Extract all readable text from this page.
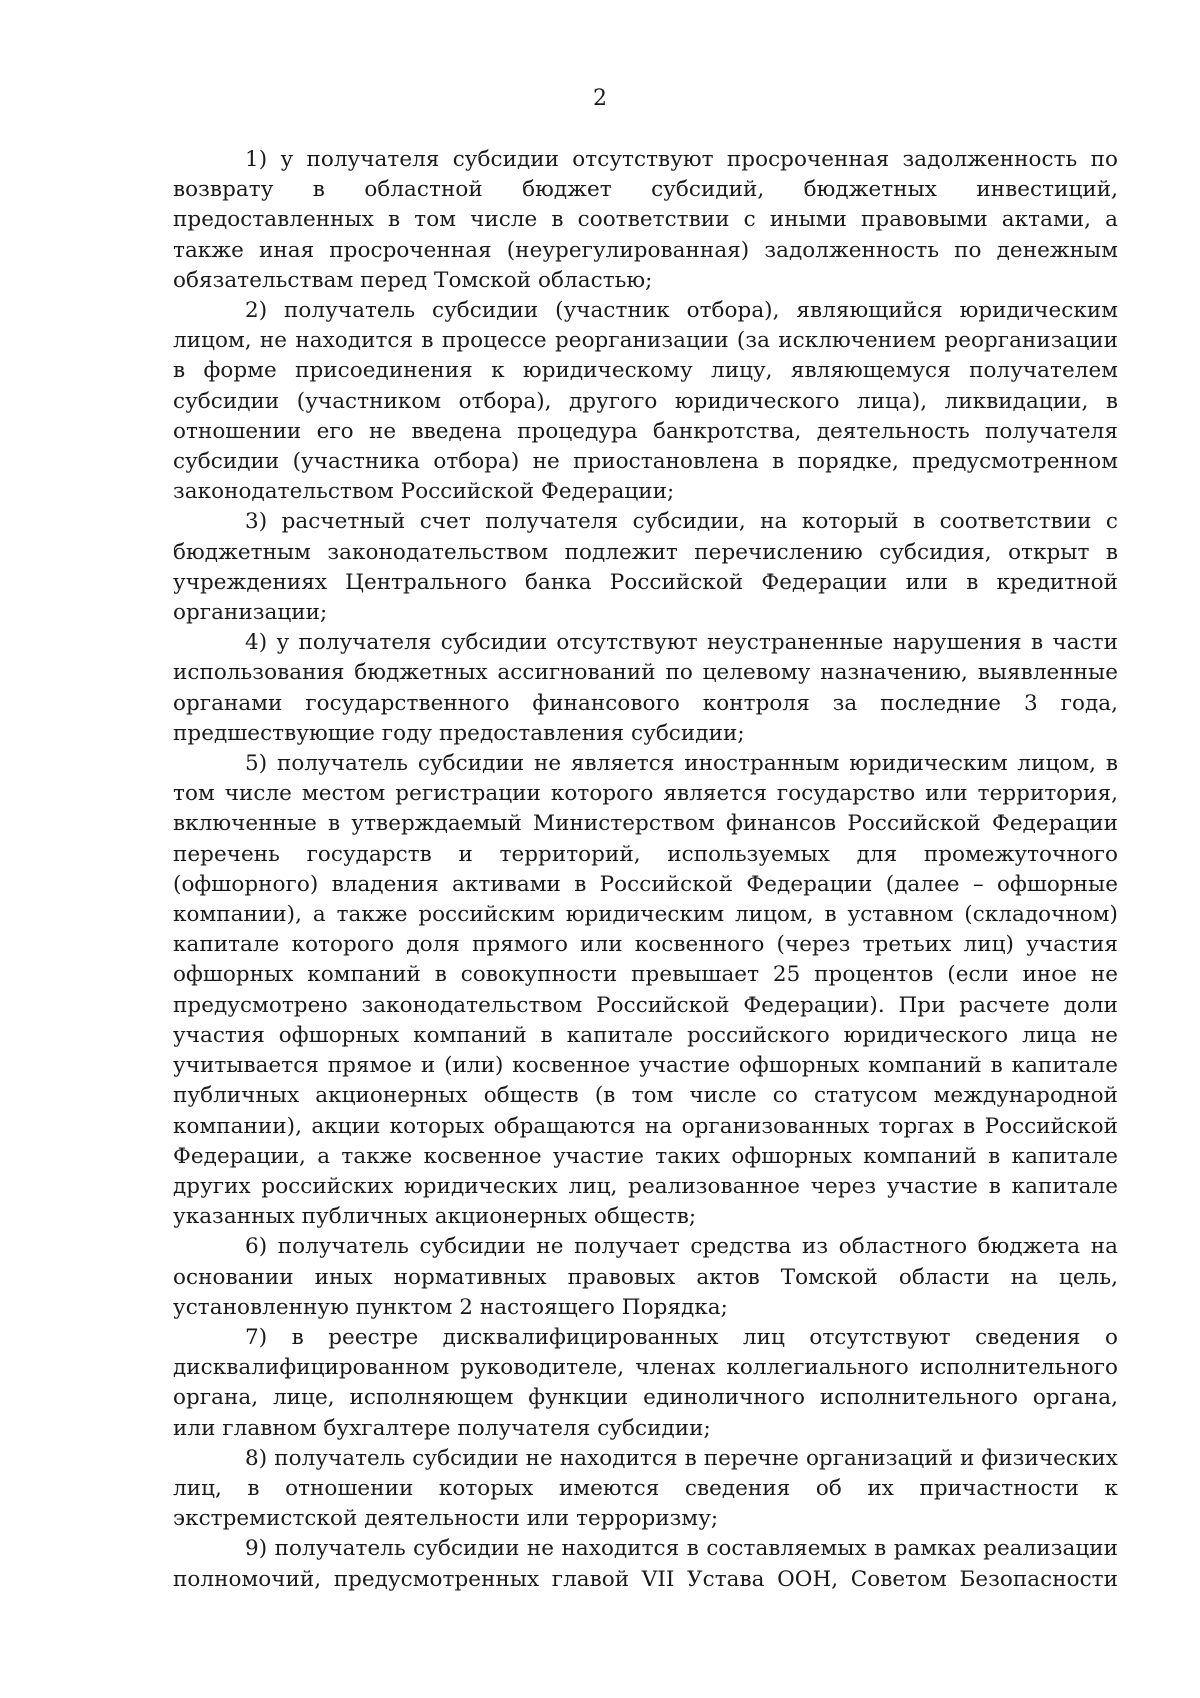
2

1) у получателя субсидии отсутствуют просроченная задолженность по возврату в областной бюджет субсидий, бюджетных инвестиций, предоставленных в том числе в соответствии с иными правовыми актами, а также иная просроченная (неурегулированная) задолженность по денежным обязательствам перед Томской областью;

2) получатель субсидии (участник отбора), являющийся юридическим лицом, не находится в процессе реорганизации (за исключением реорганизации в форме присоединения к юридическому лицу, являющемуся получателем субсидии (участником отбора), другого юридического лица), ликвидации, в отношении его не введена процедура банкротства, деятельность получателя субсидии (участника отбора) не приостановлена в порядке, предусмотренном законодательством Российской Федерации;

3) расчетный счет получателя субсидии, на который в соответствии с бюджетным законодательством подлежит перечислению субсидия, открыт в учреждениях Центрального банка Российской Федерации или в кредитной организации;

4) у получателя субсидии отсутствуют неустраненные нарушения в части использования бюджетных ассигнований по целевому назначению, выявленные органами государственного финансового контроля за последние 3 года, предшествующие году предоставления субсидии;

5) получатель субсидии не является иностранным юридическим лицом, в том числе местом регистрации которого является государство или территория, включенные в утверждаемый Министерством финансов Российской Федерации перечень государств и территорий, используемых для промежуточного (офшорного) владения активами в Российской Федерации (далее – офшорные компании), а также российским юридическим лицом, в уставном (складочном) капитале которого доля прямого или косвенного (через третьих лиц) участия офшорных компаний в совокупности превышает 25 процентов (если иное не предусмотрено законодательством Российской Федерации). При расчете доли участия офшорных компаний в капитале российского юридического лица не учитывается прямое и (или) косвенное участие офшорных компаний в капитале публичных акционерных обществ (в том числе со статусом международной компании), акции которых обращаются на организованных торгах в Российской Федерации, а также косвенное участие таких офшорных компаний в капитале других российских юридических лиц, реализованное через участие в капитале указанных публичных акционерных обществ;

6) получатель субсидии не получает средства из областного бюджета на основании иных нормативных правовых актов Томской области на цель, установленную пунктом 2 настоящего Порядка;

7) в реестре дисквалифицированных лиц отсутствуют сведения о дисквалифицированном руководителе, членах коллегиального исполнительного органа, лице, исполняющем функции единоличного исполнительного органа, или главном бухгалтере получателя субсидии;

8) получатель субсидии не находится в перечне организаций и физических лиц, в отношении которых имеются сведения об их причастности к экстремистской деятельности или терроризму;

9) получатель субсидии не находится в составляемых в рамках реализации полномочий, предусмотренных главой VII Устава ООН, Советом Безопасности
